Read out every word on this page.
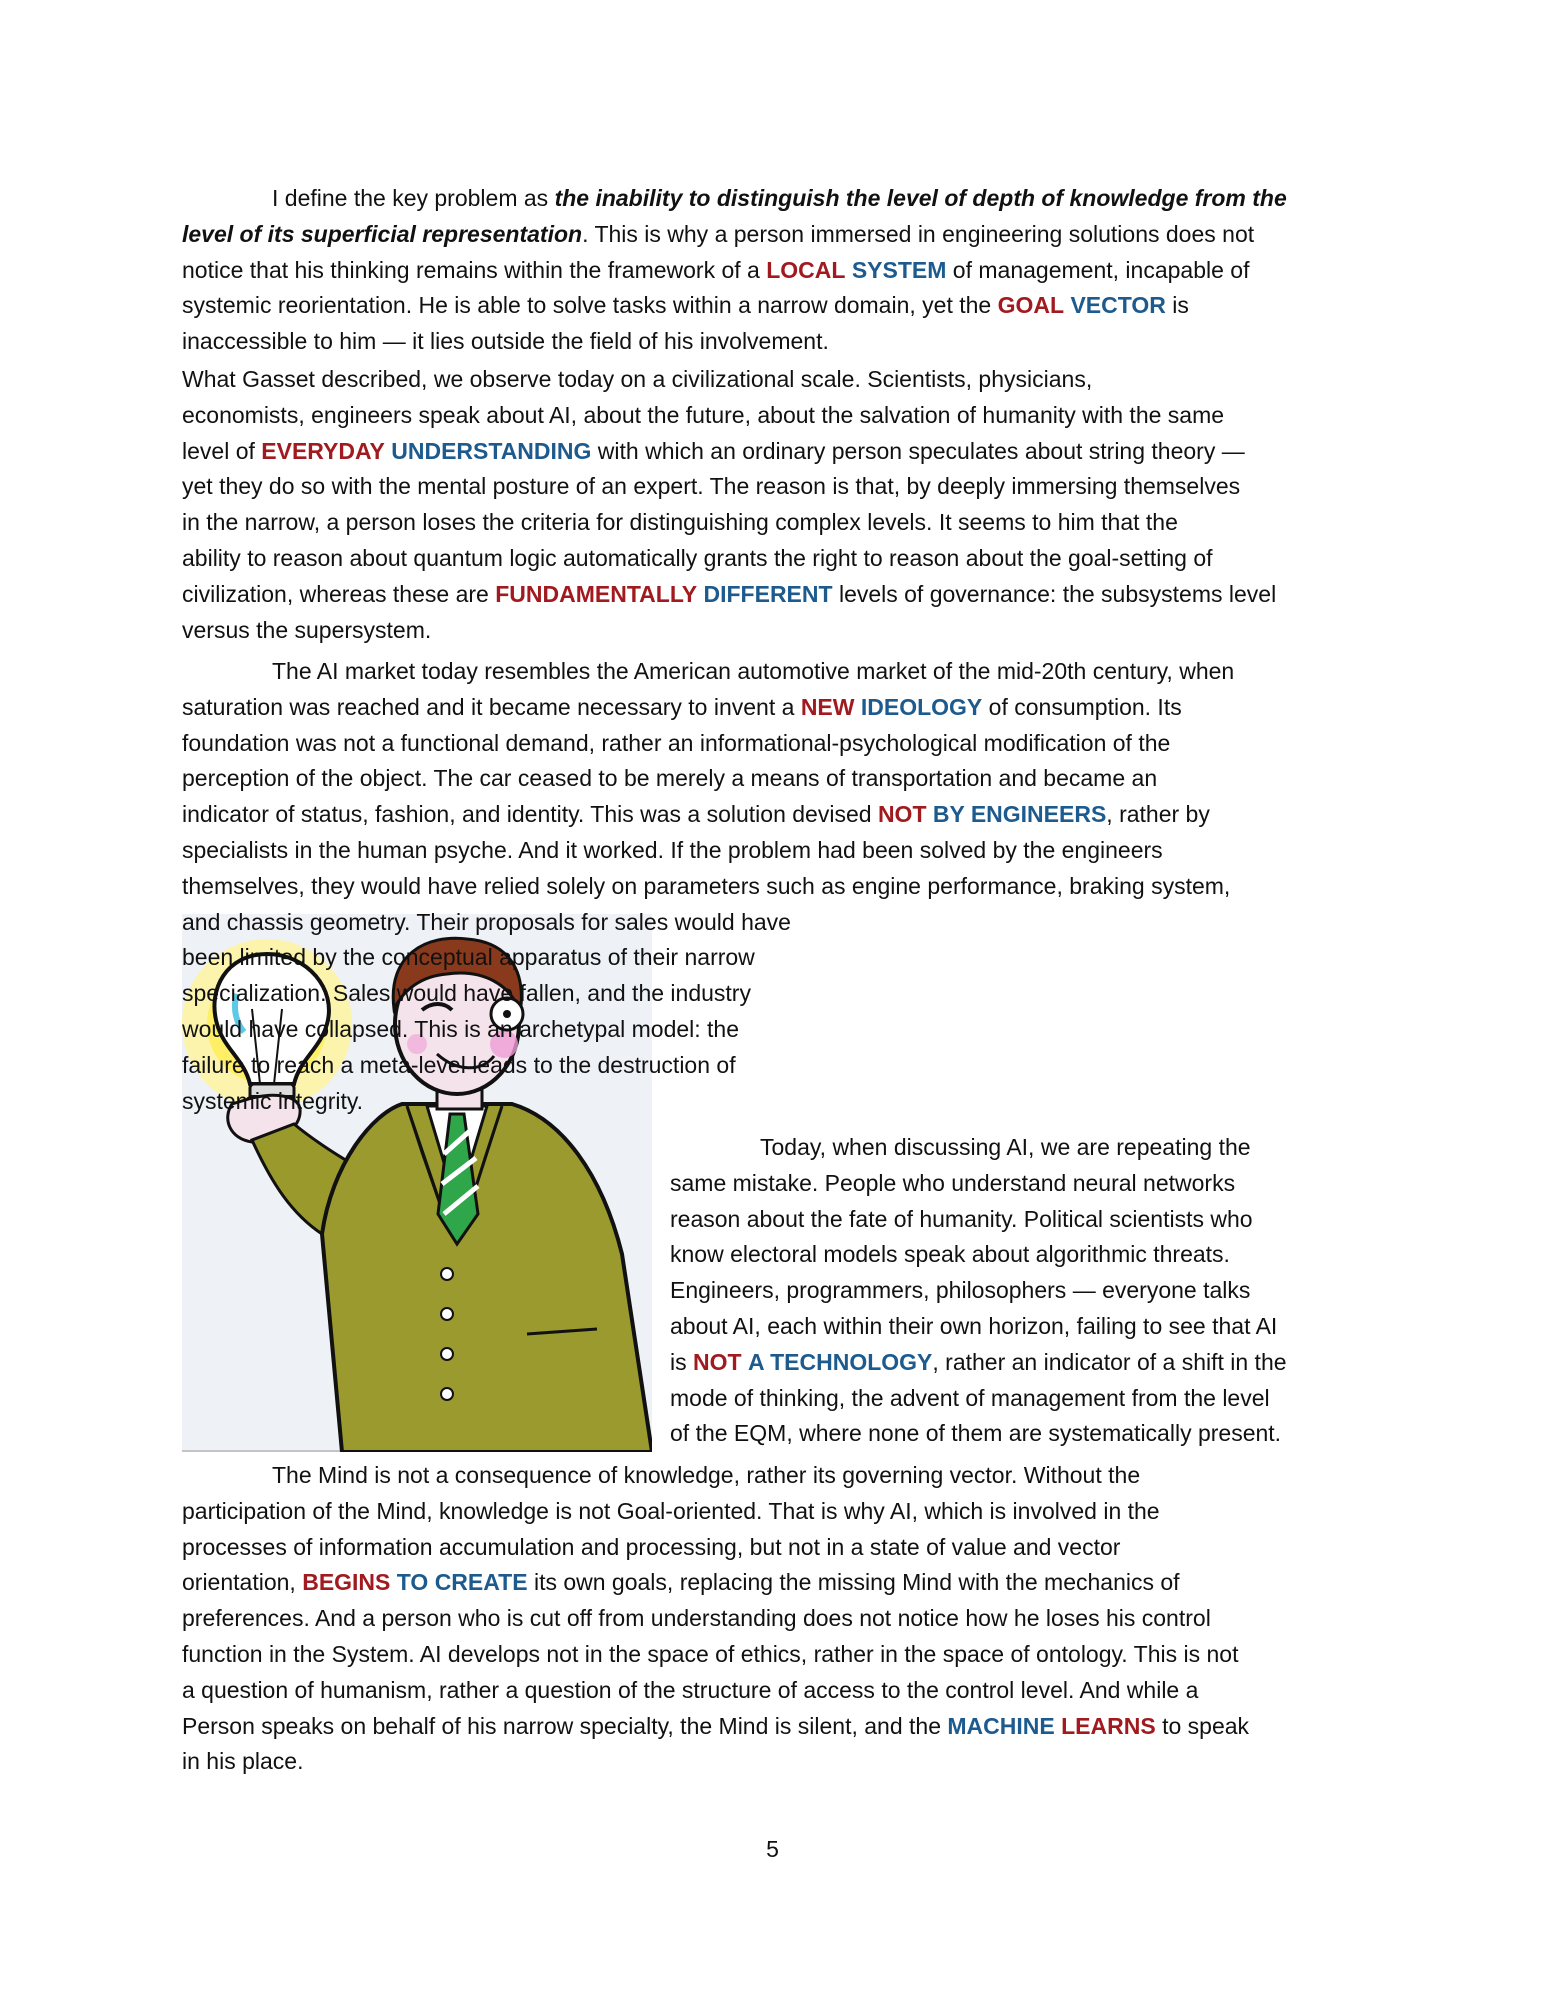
I define the key problem as the inability to distinguish the level of depth of knowledge from the
level of its superficial representation. This is why a person immersed in engineering solutions does not
notice that his thinking remains within the framework of a LOCAL SYSTEM of management, incapable of
systemic reorientation. He is able to solve tasks within a narrow domain, yet the GOAL VECTOR is
inaccessible to him — it lies outside the field of his involvement.
What Gasset described, we observe today on a civilizational scale. Scientists, physicians,
economists, engineers speak about AI, about the future, about the salvation of humanity with the same
level of EVERYDAY UNDERSTANDING with which an ordinary person speculates about string theory —
yet they do so with the mental posture of an expert. The reason is that, by deeply immersing themselves
in the narrow, a person loses the criteria for distinguishing complex levels. It seems to him that the
ability to reason about quantum logic automatically grants the right to reason about the goal-setting of
civilization, whereas these are FUNDAMENTALLY DIFFERENT levels of governance: the subsystems level
versus the supersystem.
The AI market today resembles the American automotive market of the mid-20th century, when
saturation was reached and it became necessary to invent a NEW IDEOLOGY of consumption. Its
foundation was not a functional demand, rather an informational-psychological modification of the
perception of the object. The car ceased to be merely a means of transportation and became an
indicator of status, fashion, and identity. This was a solution devised NOT BY ENGINEERS, rather by
specialists in the human psyche. And it worked. If the problem had been solved by the engineers
themselves, they would have relied solely on parameters such as engine performance, braking system,
and chassis geometry. Their proposals for sales would have
been limited by the conceptual apparatus of their narrow
specialization. Sales would have fallen, and the industry
would have collapsed. This is an archetypal model: the
failure to reach a meta-level leads to the destruction of
systemic integrity.
Today, when discussing AI, we are repeating the
same mistake. People who understand neural networks
reason about the fate of humanity. Political scientists who
know electoral models speak about algorithmic threats.
Engineers, programmers, philosophers — everyone talks
about AI, each within their own horizon, failing to see that AI
is NOT A TECHNOLOGY, rather an indicator of a shift in the
mode of thinking, the advent of management from the level
of the EQM, where none of them are systematically present.
The Mind is not a consequence of knowledge, rather its governing vector. Without the
participation of the Mind, knowledge is not Goal-oriented. That is why AI, which is involved in the
processes of information accumulation and processing, but not in a state of value and vector
orientation, BEGINS TO CREATE its own goals, replacing the missing Mind with the mechanics of
preferences. And a person who is cut off from understanding does not notice how he loses his control
function in the System. AI develops not in the space of ethics, rather in the space of ontology. This is not
a question of humanism, rather a question of the structure of access to the control level. And while a
Person speaks on behalf of his narrow specialty, the Mind is silent, and the MACHINE LEARNS to speak
in his place.
5
